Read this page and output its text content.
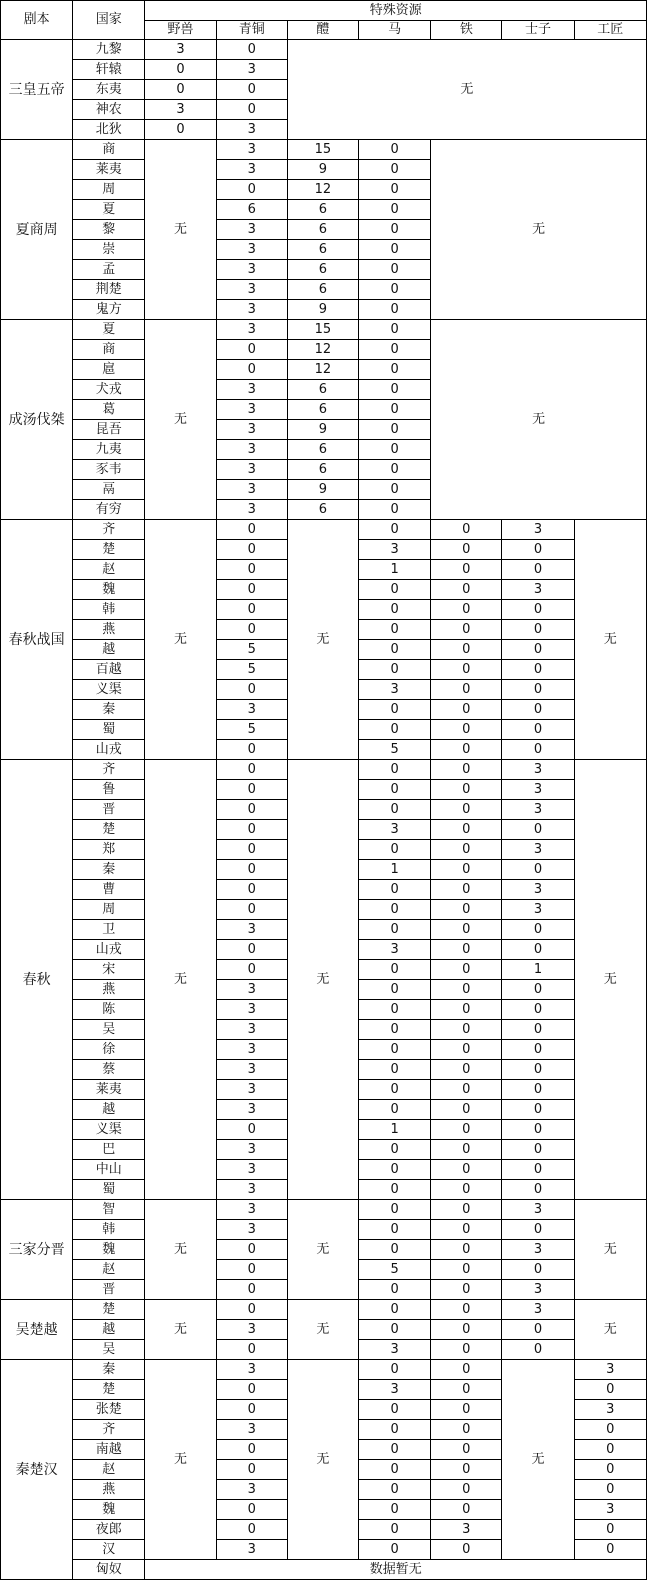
剧本	国家	特殊资源						
		野兽	青铜	醴	马	铁	士子	工匠
三皇五帝	九黎	3	0	无				
	轩辕	0	3					
	东夷	0	0					
	神农	3	0					
	北狄	0	3					
夏商周	商	无	3	15	0	无		
	莱夷		3	9	0			
	周		0	12	0			
	夏		6	6	0			
	黎		3	6	0			
	崇		3	6	0			
	孟		3	6	0			
	荆楚		3	6	0			
	鬼方		3	9	0			
成汤伐桀	夏	无	3	15	0	无		
	商		0	12	0			
	扈		0	12	0			
	犬戎		3	6	0			
	葛		3	6	0			
	昆吾		3	9	0			
	九夷		3	6	0			
	豕韦		3	6	0			
	鬲		3	9	0			
	有穷		3	6	0			
春秋战国	齐	无	0	无	0	0	3	无
	楚		0		3	0	0	
	赵		0		1	0	0	
	魏		0		0	0	3	
	韩		0		0	0	0	
	燕		0		0	0	0	
	越		5		0	0	0	
	百越		5		0	0	0	
	义渠		0		3	0	0	
	秦		3		0	0	0	
	蜀		5		0	0	0	
	山戎		0		5	0	0	
春秋	齐	无	0	无	0	0	3	无
	鲁		0		0	0	3	
	晋		0		0	0	3	
	楚		0		3	0	0	
	郑		0		0	0	3	
	秦		0		1	0	0	
	曹		0		0	0	3	
	周		0		0	0	3	
	卫		3		0	0	0	
	山戎		0		3	0	0	
	宋		0		0	0	1	
	燕		3		0	0	0	
	陈		3		0	0	0	
	吴		3		0	0	0	
	徐		3		0	0	0	
	蔡		3		0	0	0	
	莱夷		3		0	0	0	
	越		3		0	0	0	
	义渠		0		1	0	0	
	巴		3		0	0	0	
	中山		3		0	0	0	
	蜀		3		0	0	0	
三家分晋	智	无	3	无	0	0	3	无
	韩		3		0	0	0	
	魏		0		0	0	3	
	赵		0		5	0	0	
	晋		0		0	0	3	
吴楚越	楚	无	0	无	0	0	3	无
	越		3		0	0	0	
	吴		0		3	0	0	
秦楚汉	秦	无	3	无	0	0	无	3
	楚		0		3	0		0
	张楚		0		0	0		3
	齐		3		0	0		0
	南越		0		0	0		0
	赵		0		0	0		0
	燕		3		0	0		0
	魏		0		0	0		3
	夜郎		0		0	3		0
	汉		3		0	0		0
	匈奴	数据暂无						
